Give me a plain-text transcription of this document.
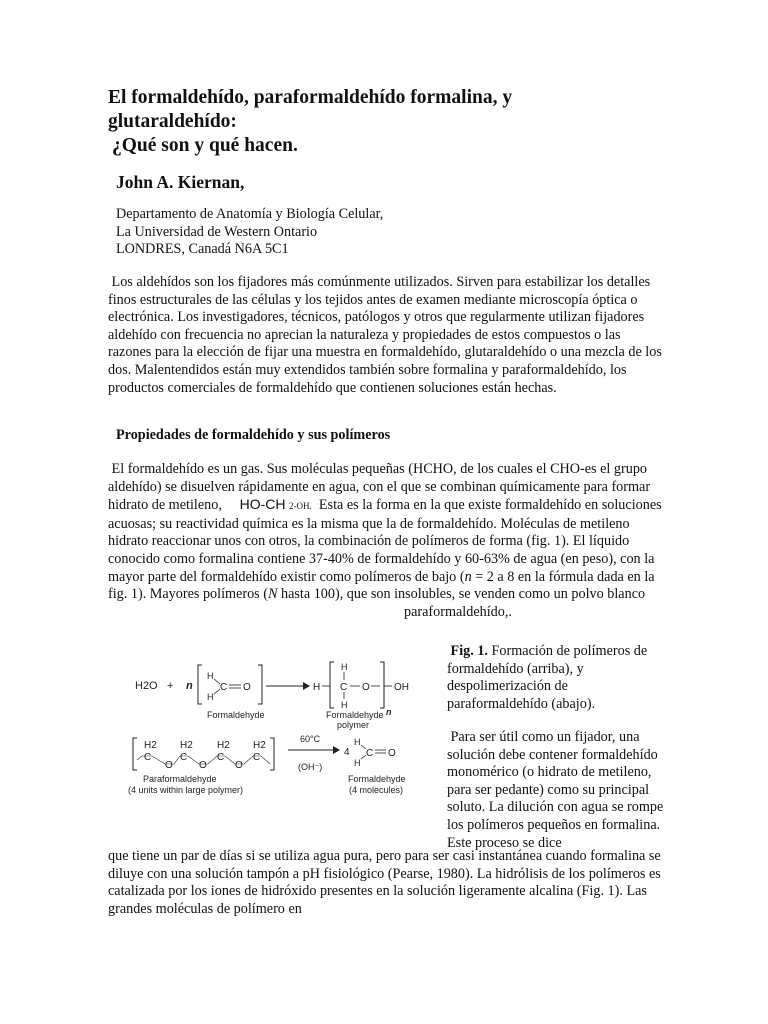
El formaldehído, paraformaldehído formalina, y
glutaraldehído:
¿Qué son y qué hacen.

John A. Kiernan,

Departamento de Anatomía y Biología Celular,
La Universidad de Western Ontario
LONDRES, Canadá N6A 5C1

Los aldehídos son los fijadores más comúnmente utilizados. Sirven para estabilizar los detalles finos estructurales de las células y los tejidos antes de examen mediante microscopía óptica o electrónica. Los investigadores, técnicos, patólogos y otros que regularmente utilizan fijadores aldehído con frecuencia no aprecian la naturaleza y propiedades de estos compuestos o las razones para la elección de fijar una muestra en formaldehído, glutaraldehído o una mezcla de los dos. Malentendidos están muy extendidos también sobre formalina y paraformaldehído, los productos comerciales de formaldehído que contienen soluciones están hechas.

Propiedades de formaldehído y sus polímeros

El formaldehído es un gas. Sus moléculas pequeñas (HCHO, de los cuales el CHO-es el grupo aldehído) se disuelven rápidamente en agua, con el que se combinan químicamente para formar hidrato de metileno, HO-CH 2-OH. Esta es la forma en la que existe formaldehído en soluciones acuosas; su reactividad química es la misma que la de formaldehído. Moléculas de metileno hidrato reaccionar unos con otros, la combinación de polímeros de forma (fig. 1). El líquido conocido como formalina contiene 37-40% de formaldehído y 60-63% de agua (en peso), con la mayor parte del formaldehído existir como polímeros de bajo (n = 2 a 8 en la fórmula dada en la fig. 1). Mayores polímeros (N hasta 100), que son insolubles, se venden como un polvo blanco
paraformaldehído,.

H2O + n
H
H
C O
Formaldehyde
H
H
C
H
O
n
OH
Formaldehyde
polymer
H2
C
O
H2
C
O
H2
C
O
H2
C
Paraformaldehyde
(4 units within large polymer)
60°C
(OH⁻)
4
H
H
C O
Formaldehyde
(4 molecules)
Fig. 1. Formación de polímeros de formaldehído (arriba), y despolimerización de paraformaldehído (abajo).

Para ser útil como un fijador, una solución debe contener formaldehído monomérico (o hidrato de metileno, para ser pedante) como su principal soluto. La dilución con agua se rompe los polímeros pequeños en formalina. Este proceso se dice

que tiene un par de días si se utiliza agua pura, pero para ser casi instantánea cuando formalina se diluye con una solución tampón a pH fisiológico (Pearse, 1980). La hidrólisis de los polímeros es catalizada por los iones de hidróxido presentes en la solución ligeramente alcalina (Fig. 1). Las grandes moléculas de polímero en
